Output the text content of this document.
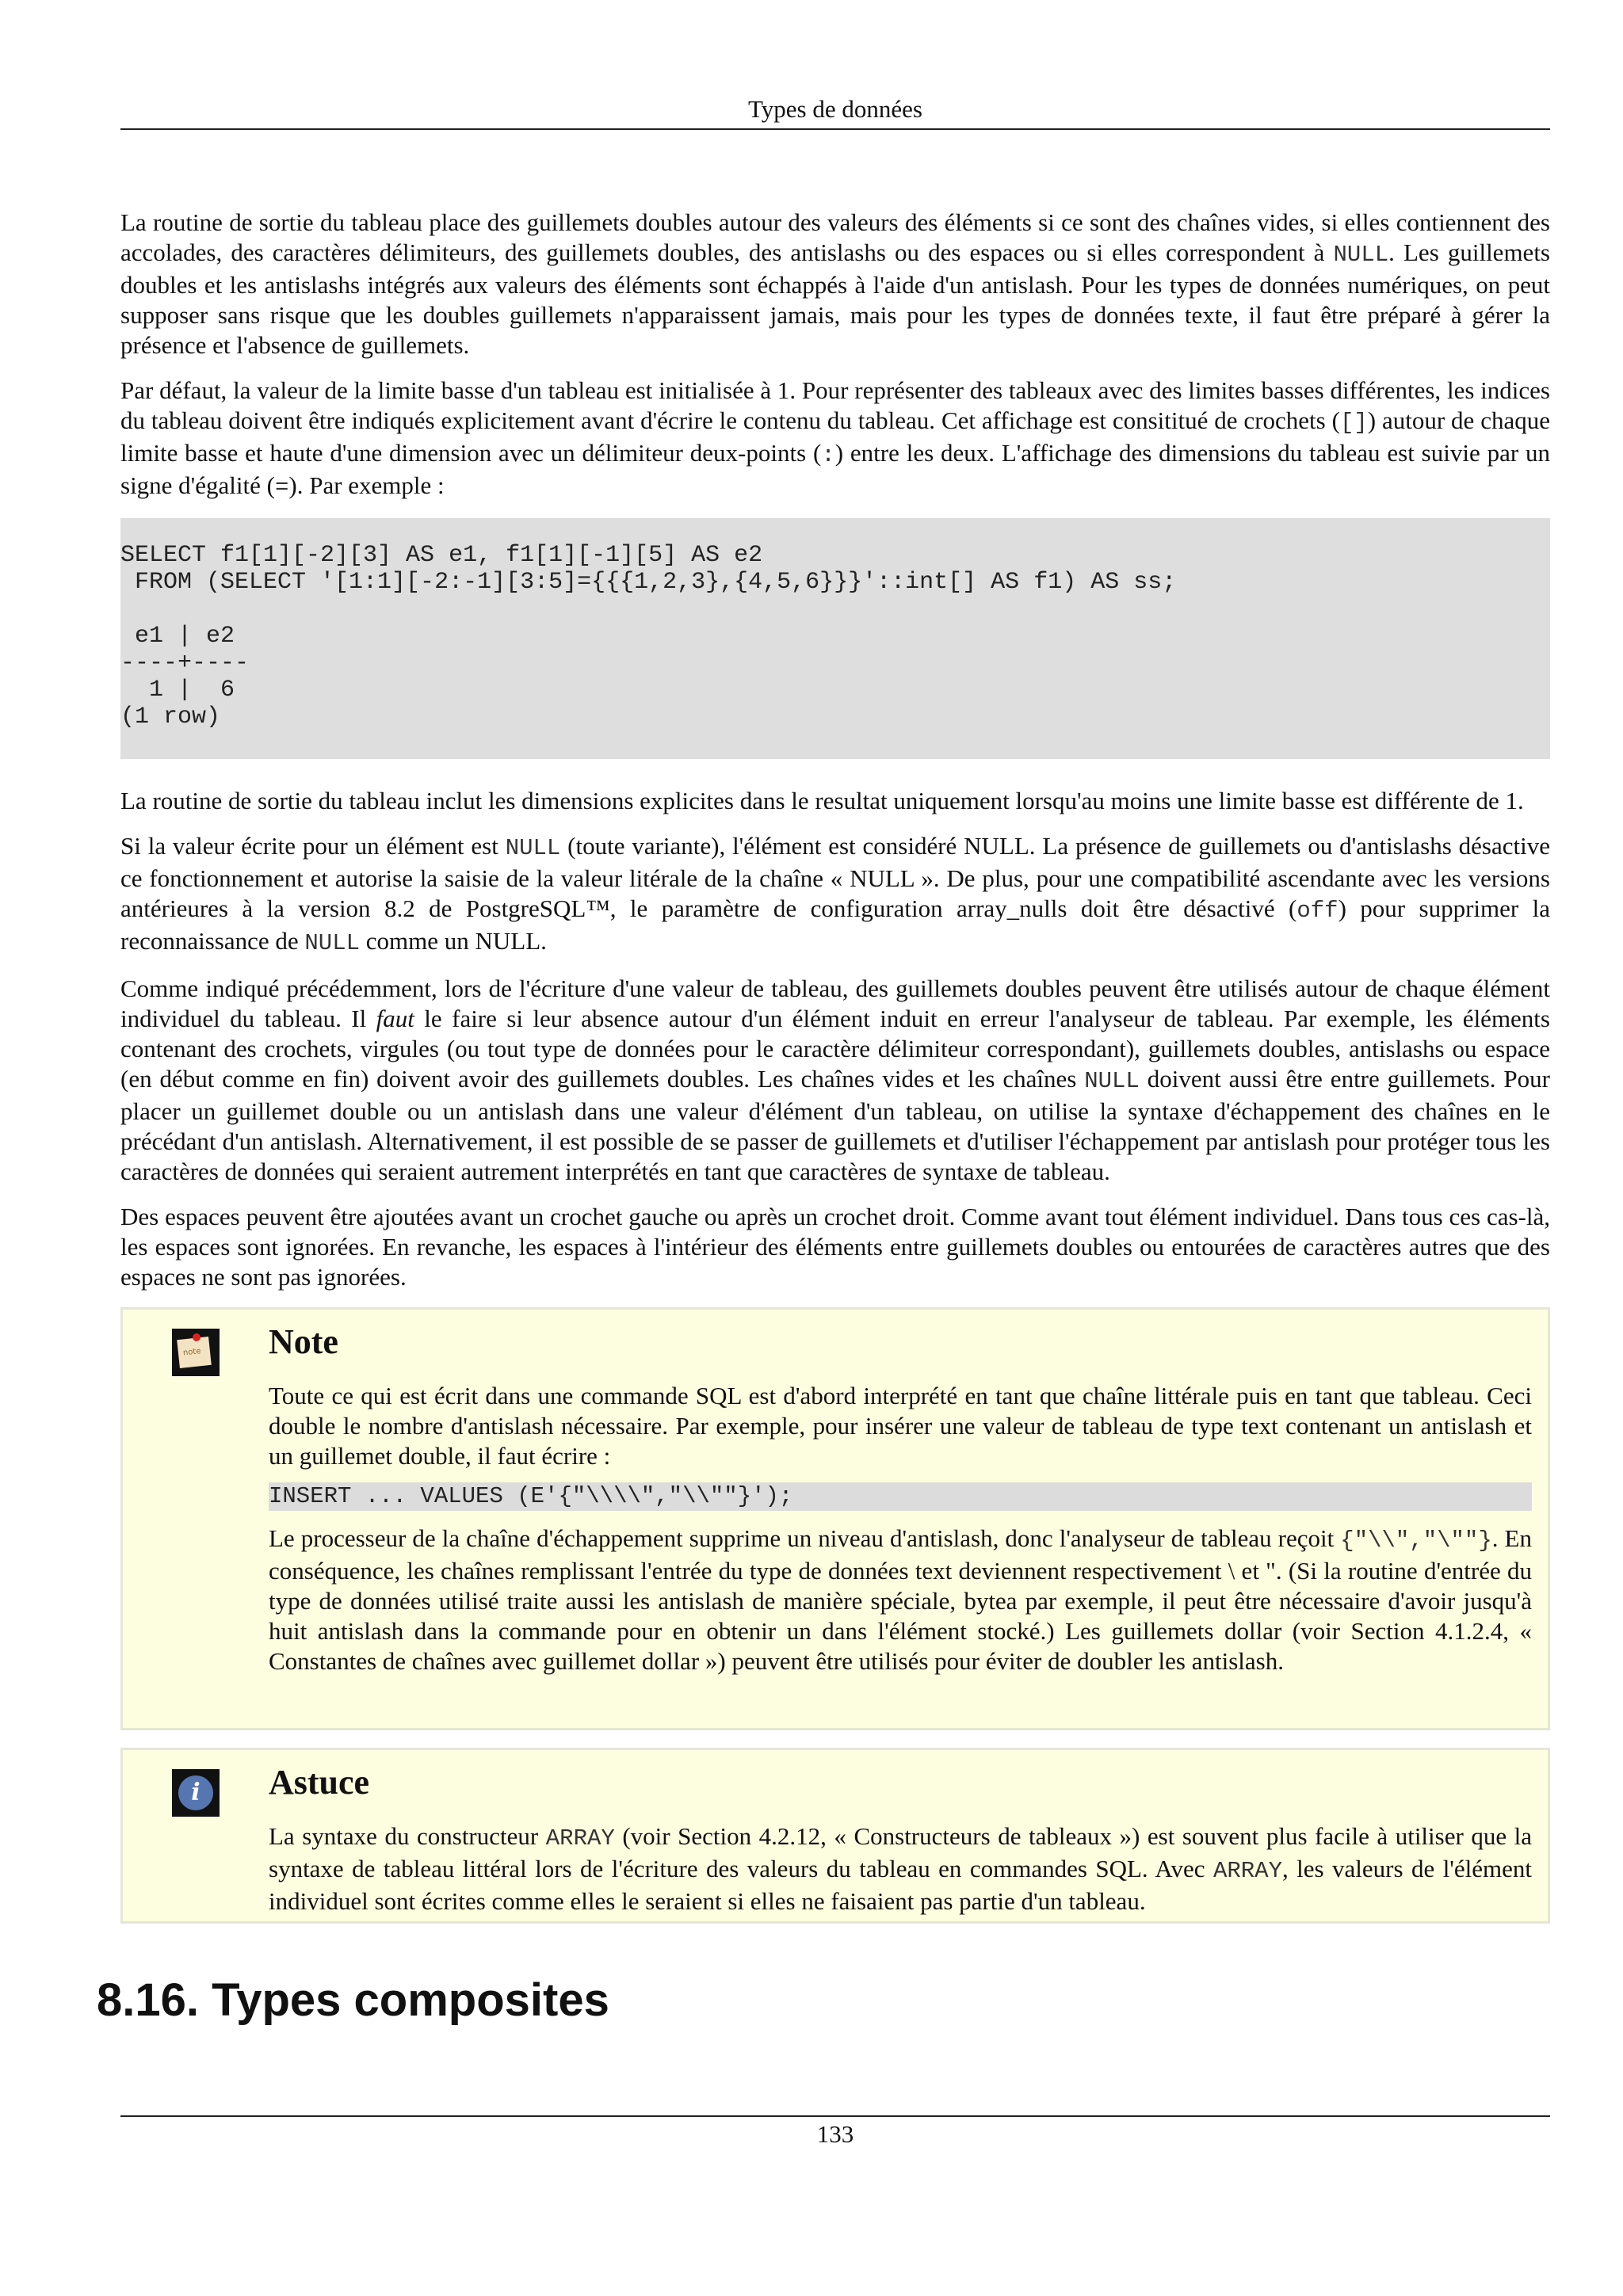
Types de données

La routine de sortie du tableau place des guillemets doubles autour des valeurs des éléments si ce sont des chaînes vides, si elles contiennent des accolades, des caractères délimiteurs, des guillemets doubles, des antislashs ou des espaces ou si elles correspondent à NULL. Les guillemets doubles et les antislashs intégrés aux valeurs des éléments sont échappés à l'aide d'un antislash. Pour les types de données numériques, on peut supposer sans risque que les doubles guillemets n'apparaissent jamais, mais pour les types de données texte, il faut être préparé à gérer la présence et l'absence de guillemets.

Par défaut, la valeur de la limite basse d'un tableau est initialisée à 1. Pour représenter des tableaux avec des limites basses différentes, les indices du tableau doivent être indiqués explicitement avant d'écrire le contenu du tableau. Cet affichage est consititué de crochets ([]) autour de chaque limite basse et haute d'une dimension avec un délimiteur deux-points (:) entre les deux. L'affichage des dimensions du tableau est suivie par un signe d'égalité (=). Par exemple :

SELECT f1[1][-2][3] AS e1, f1[1][-1][5] AS e2
FROM (SELECT '[1:1][-2:-1][3:5]={{{1,2,3},{4,5,6}}}'::int[] AS f1) AS ss;
e1 | e2
----+----
1 |  6
(1 row)

La routine de sortie du tableau inclut les dimensions explicites dans le resultat uniquement lorsqu'au moins une limite basse est différente de 1.

Si la valeur écrite pour un élément est NULL (toute variante), l'élément est considéré NULL. La présence de guillemets ou d'antislashs désactive ce fonctionnement et autorise la saisie de la valeur litérale de la chaîne « NULL ». De plus, pour une compatibilité ascendante avec les versions antérieures à la version 8.2 de PostgreSQL™, le paramètre de configuration array_nulls doit être désactivé (off) pour supprimer la reconnaissance de NULL comme un NULL.

Comme indiqué précédemment, lors de l'écriture d'une valeur de tableau, des guillemets doubles peuvent être utilisés autour de chaque élément individuel du tableau. Il faut le faire si leur absence autour d'un élément induit en erreur l'analyseur de tableau. Par exemple, les éléments contenant des crochets, virgules (ou tout type de données pour le caractère délimiteur correspondant), guillemets doubles, antislashs ou espace (en début comme en fin) doivent avoir des guillemets doubles. Les chaînes vides et les chaînes NULL doivent aussi être entre guillemets. Pour placer un guillemet double ou un antislash dans une valeur d'élément d'un tableau, on utilise la syntaxe d'échappement des chaînes en le précédant d'un antislash. Alternativement, il est possible de se passer de guillemets et d'utiliser l'échappement par antislash pour protéger tous les caractères de données qui seraient autrement interprétés en tant que caractères de syntaxe de tableau.

Des espaces peuvent être ajoutées avant un crochet gauche ou après un crochet droit. Comme avant tout élément individuel. Dans tous ces cas-là, les espaces sont ignorées. En revanche, les espaces à l'intérieur des éléments entre guillemets doubles ou entourées de caractères autres que des espaces ne sont pas ignorées.

note Note

Toute ce qui est écrit dans une commande SQL est d'abord interprété en tant que chaîne littérale puis en tant que tableau. Ceci double le nombre d'antislash nécessaire. Par exemple, pour insérer une valeur de tableau de type text contenant un antislash et un guillemet double, il faut écrire :

INSERT ... VALUES (E'{"\\\\","\\""}');

Le processeur de la chaîne d'échappement supprime un niveau d'antislash, donc l'analyseur de tableau reçoit {"\\","\""}. En conséquence, les chaînes remplissant l'entrée du type de données text deviennent respectivement \ et ". (Si la routine d'entrée du type de données utilisé traite aussi les antislash de manière spéciale, bytea par exemple, il peut être nécessaire d'avoir jusqu'à huit antislash dans la commande pour en obtenir un dans l'élément stocké.) Les guillemets dollar (voir Section 4.1.2.4, « Constantes de chaînes avec guillemet dollar ») peuvent être utilisés pour éviter de doubler les antislash.

i	Astuce

La syntaxe du constructeur ARRAY (voir Section 4.2.12, « Constructeurs de tableaux ») est souvent plus facile à utiliser que la syntaxe de tableau littéral lors de l'écriture des valeurs du tableau en commandes SQL. Avec ARRAY, les valeurs de l'élément individuel sont écrites comme elles le seraient si elles ne faisaient pas partie d'un tableau.

8.16. Types composites
133
